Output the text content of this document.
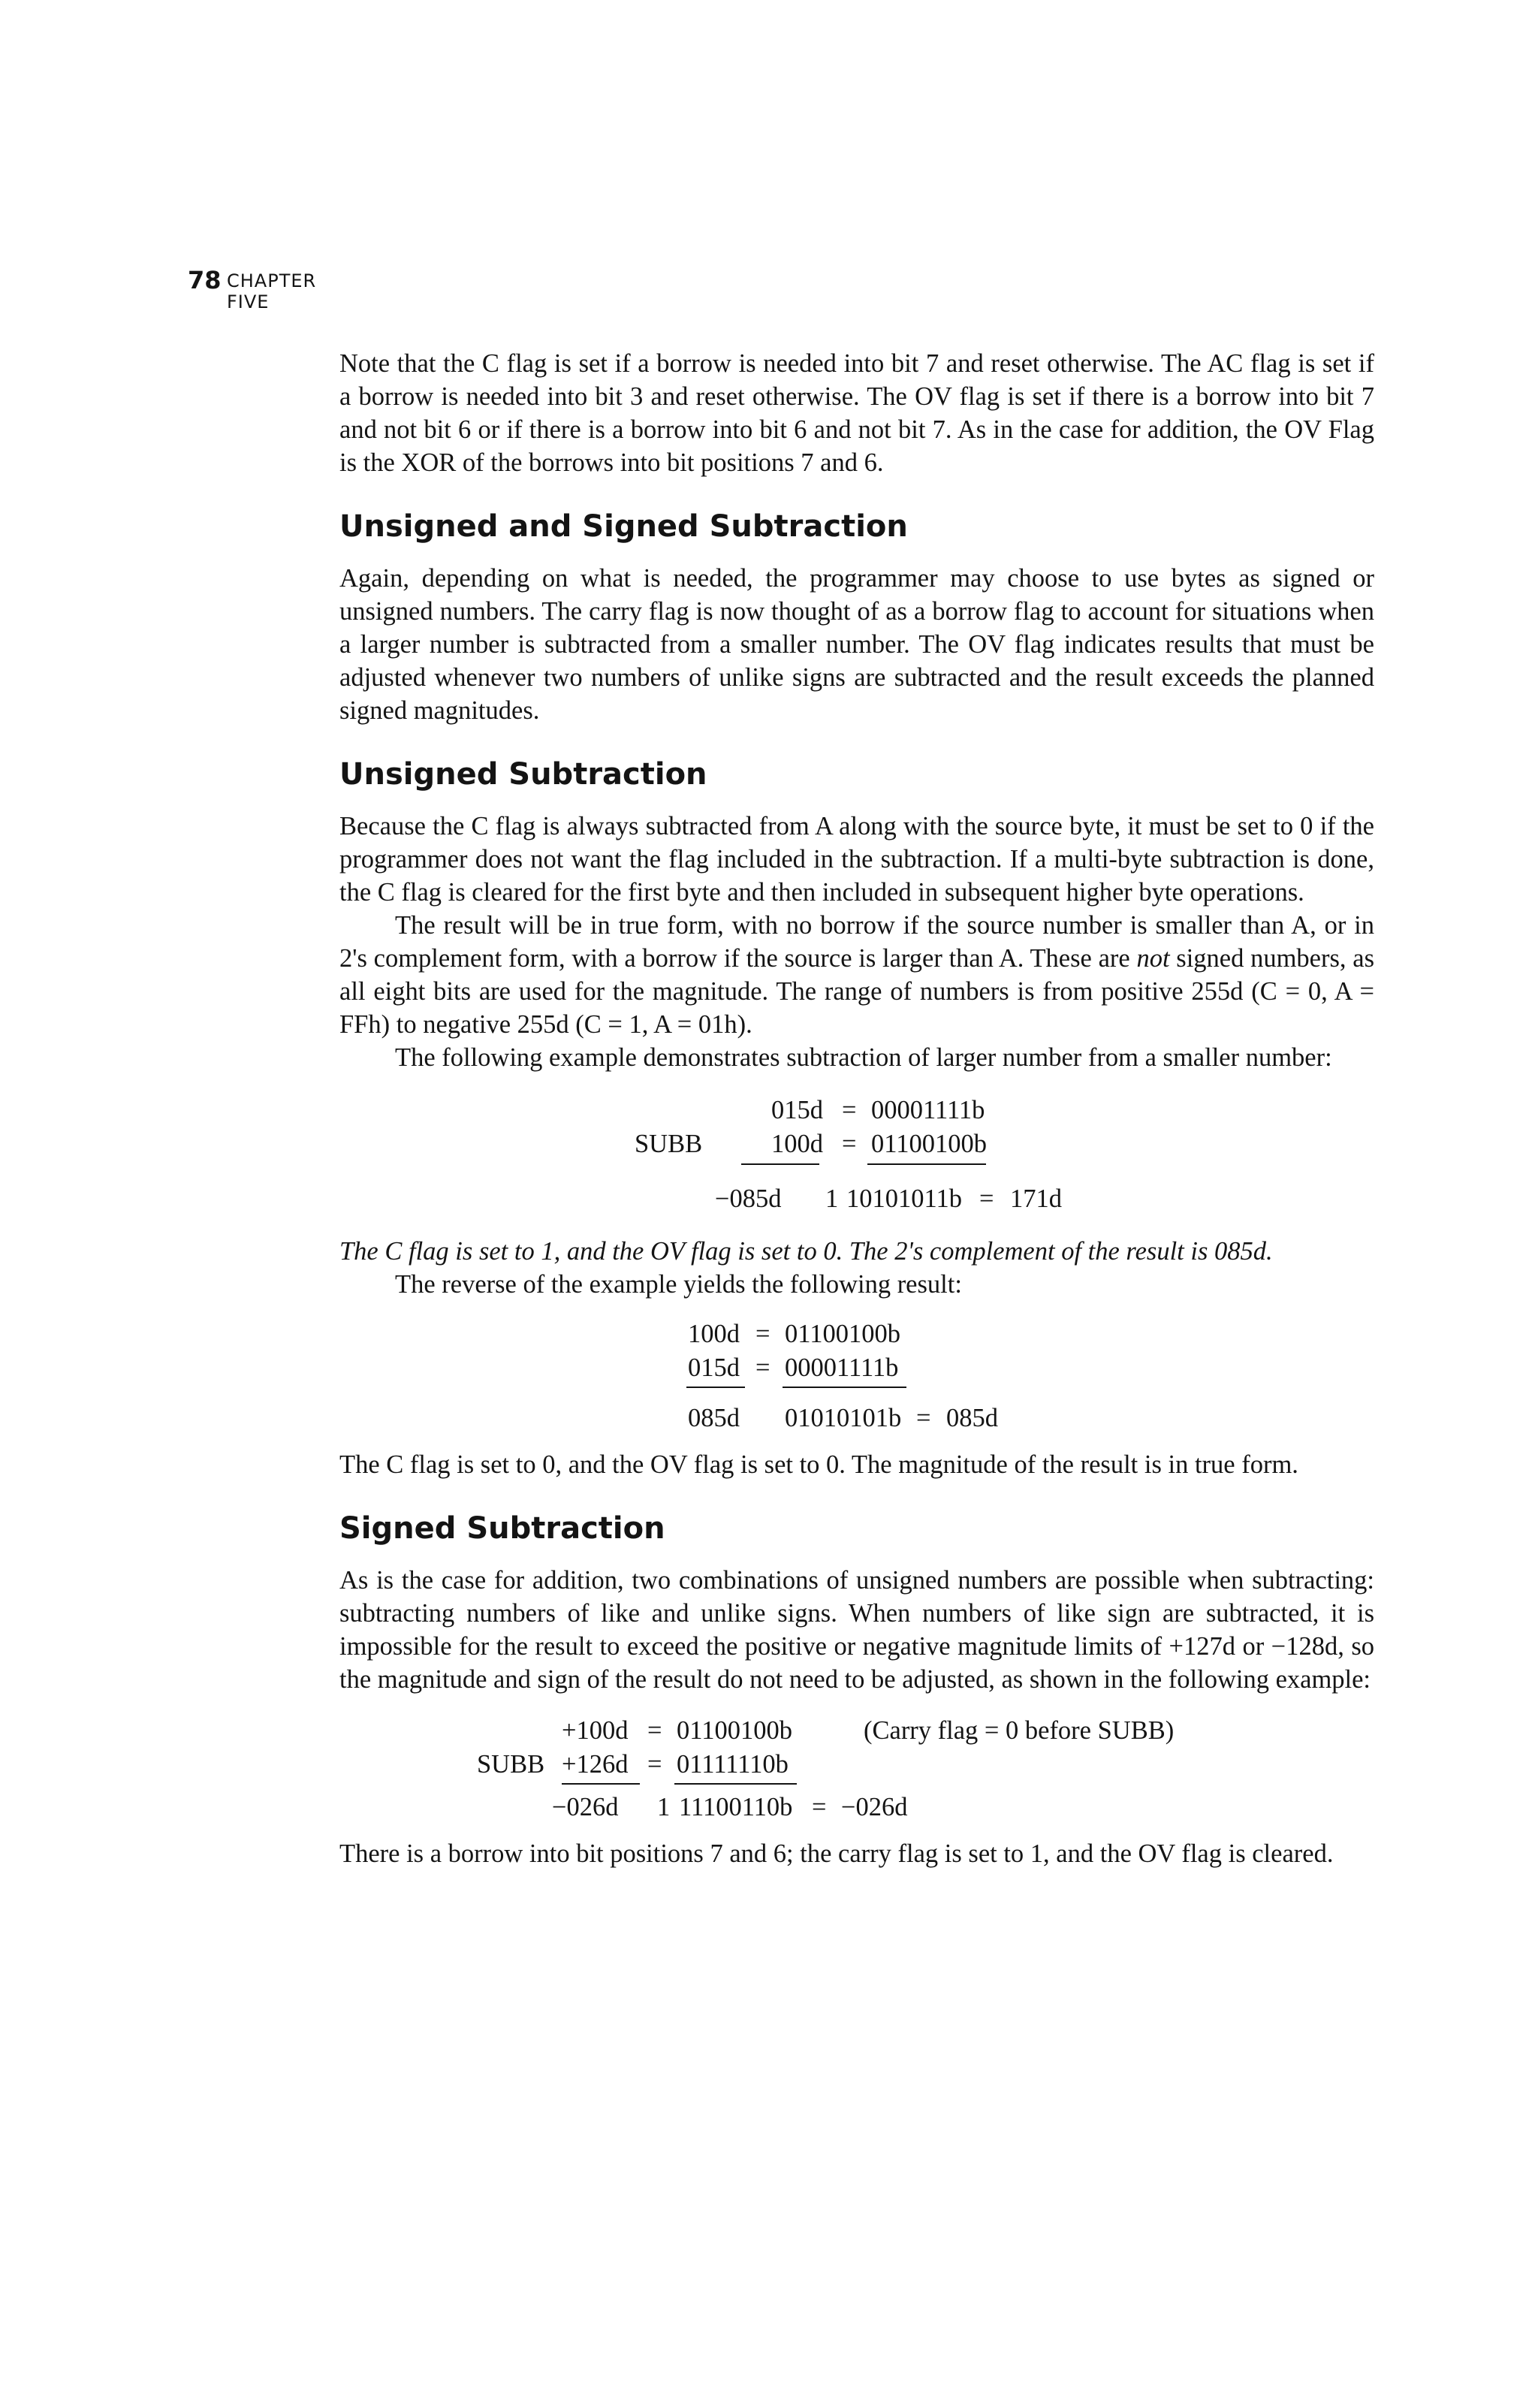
78 CHAPTER FIVE

Note that the C flag is set if a borrow is needed into bit 7 and reset otherwise. The AC flag is set if a borrow is needed into bit 3 and reset otherwise. The OV flag is set if there is a borrow into bit 7 and not bit 6 or if there is a borrow into bit 6 and not bit 7. As in the case for addition, the OV Flag is the XOR of the borrows into bit positions 7 and 6.

Unsigned and Signed Subtraction

Again, depending on what is needed, the programmer may choose to use bytes as signed or unsigned numbers. The carry flag is now thought of as a borrow flag to account for situations when a larger number is subtracted from a smaller number. The OV flag indicates results that must be adjusted whenever two numbers of unlike signs are subtracted and the result exceeds the planned signed magnitudes.

Unsigned Subtraction

Because the C flag is always subtracted from A along with the source byte, it must be set to 0 if the programmer does not want the flag included in the subtraction. If a multi-byte subtraction is done, the C flag is cleared for the first byte and then included in subsequent higher byte operations.

The result will be in true form, with no borrow if the source number is smaller than A, or in 2's complement form, with a borrow if the source is larger than A. These are not signed numbers, as all eight bits are used for the magnitude. The range of numbers is from positive 255d (C = 0, A = FFh) to negative 255d (C = 1, A = 01h).

The following example demonstrates subtraction of larger number from a smaller number:

015d = 00001111b
SUBB	100d = 01100100b
−085d 1 10101011b = 171d

The C flag is set to 1, and the OV flag is set to 0. The 2's complement of the result is 085d.

The reverse of the example yields the following result:

100d = 01100100b
015d = 00001111b
085d 01010101b = 085d

The C flag is set to 0, and the OV flag is set to 0. The magnitude of the result is in true form.

Signed Subtraction

As is the case for addition, two combinations of unsigned numbers are possible when subtracting: subtracting numbers of like and unlike signs. When numbers of like sign are subtracted, it is impossible for the result to exceed the positive or negative magnitude limits of +127d or −128d, so the magnitude and sign of the result do not need to be adjusted, as shown in the following example:

+100d = 01100100b	(Carry flag = 0 before SUBB)
SUBB +126d = 01111110b
−026d 1 11100110b = −026d

There is a borrow into bit positions 7 and 6; the carry flag is set to 1, and the OV flag is cleared.
